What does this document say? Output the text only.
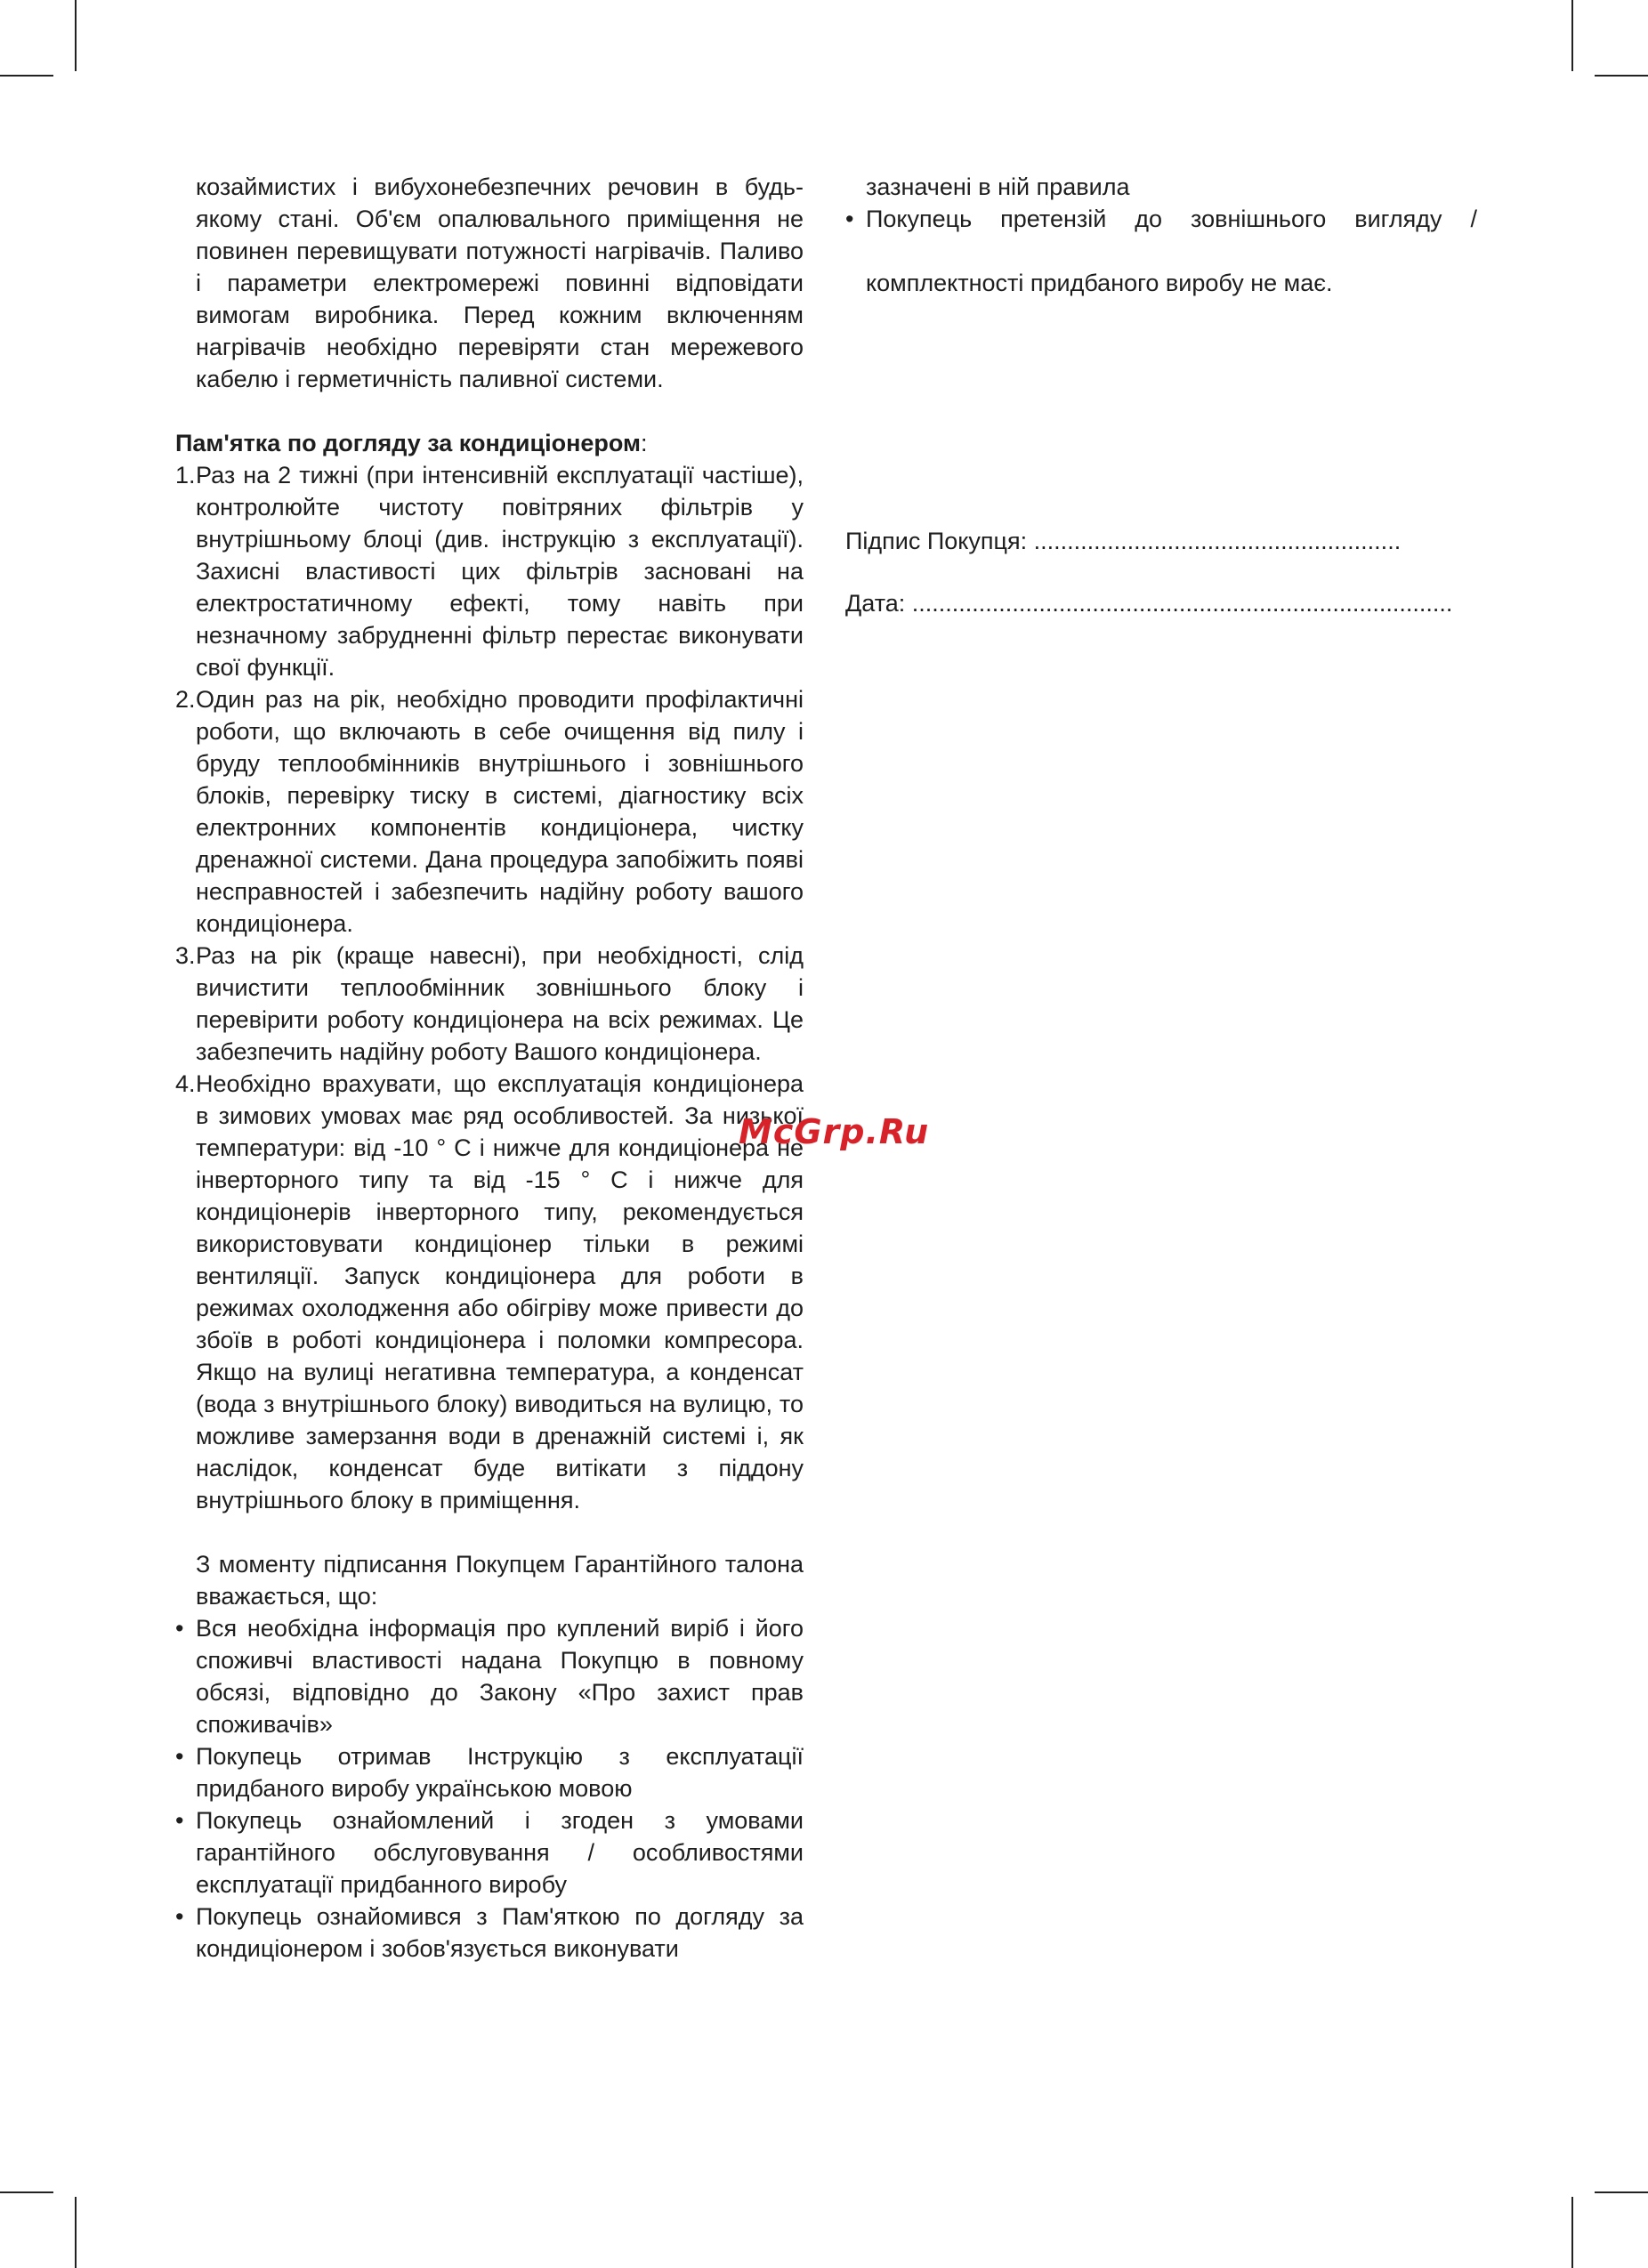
козаймистих і вибухонебезпечних речовин в будь-якому стані. Об'єм опалювального приміщення не повинен перевищувати потужності нагрівачів. Паливо і параметри електромережі повинні відповідати вимогам виробника. Перед кожним включенням нагрівачів необхідно перевіряти стан мережевого кабелю і герметичність паливної системи.
Пам'ятка по догляду за кондиціонером:
1. Раз на 2 тижні (при інтенсивній експлуатації частіше), контролюйте чистоту повітряних фільтрів у внутрішньому блоці (див. інструкцію з експлуатації). Захисні властивості цих фільтрів засновані на електростатичному ефекті, тому навіть при незначному забрудненні фільтр перестає виконувати свої функції.
2. Один раз на рік, необхідно проводити профілактичні роботи, що включають в себе очищення від пилу і бруду теплообмінників внутрішнього і зовнішнього блоків, перевірку тиску в системі, діагностику всіх електронних компонентів кондиціонера, чистку дренажної системи. Дана процедура запобіжить появі несправностей і забезпечить надійну роботу вашого кондиціонера.
3. Раз на рік (краще навесні), при необхідності, слід вичистити теплообмінник зовнішнього блоку і перевірити роботу кондиціонера на всіх режимах. Це забезпечить надійну роботу Вашого кондиціонера.
4. Необхідно врахувати, що експлуатація кондиціонера в зимових умовах має ряд особливостей. За низької температури: від -10 ° С і нижче для кондиціонера не інверторного типу та від -15 ° С і нижче для кондиціонерів інверторного типу, рекомендується використовувати кондиціонер тільки в режимі вентиляції. Запуск кондиціонера для роботи в режимах охолодження або обігріву може привести до збоїв в роботі кондиціонера і поломки компресора. Якщо на вулиці негативна температура, а конденсат (вода з внутрішнього блоку) виводиться на вулицю, то можливе замерзання води в дренажній системі і, як наслідок, конденсат буде витікати з піддону внутрішнього блоку в приміщення.
З моменту підписання Покупцем Гарантійного талона вважається, що:
• Вся необхідна інформація про куплений виріб і його споживчі властивості надана Покупцю в повному обсязі, відповідно до Закону «Про захист прав споживачів»
• Покупець отримав Інструкцію з експлуатації придбаного виробу українською мовою
• Покупець ознайомлений і згоден з умовами гарантійного обслуговування / особливостями експлуатації придбанного виробу
• Покупець ознайомився з Пам'яткою по догляду за кондиціонером і зобов'язується виконувати
зазначені в ній правила
• Покупець претензій до зовнішнього вигляду /
комплектності придбаного виробу не має.
Підпис Покупця: .......................................................
Дата: .................................................................................
McGrp.Ru
